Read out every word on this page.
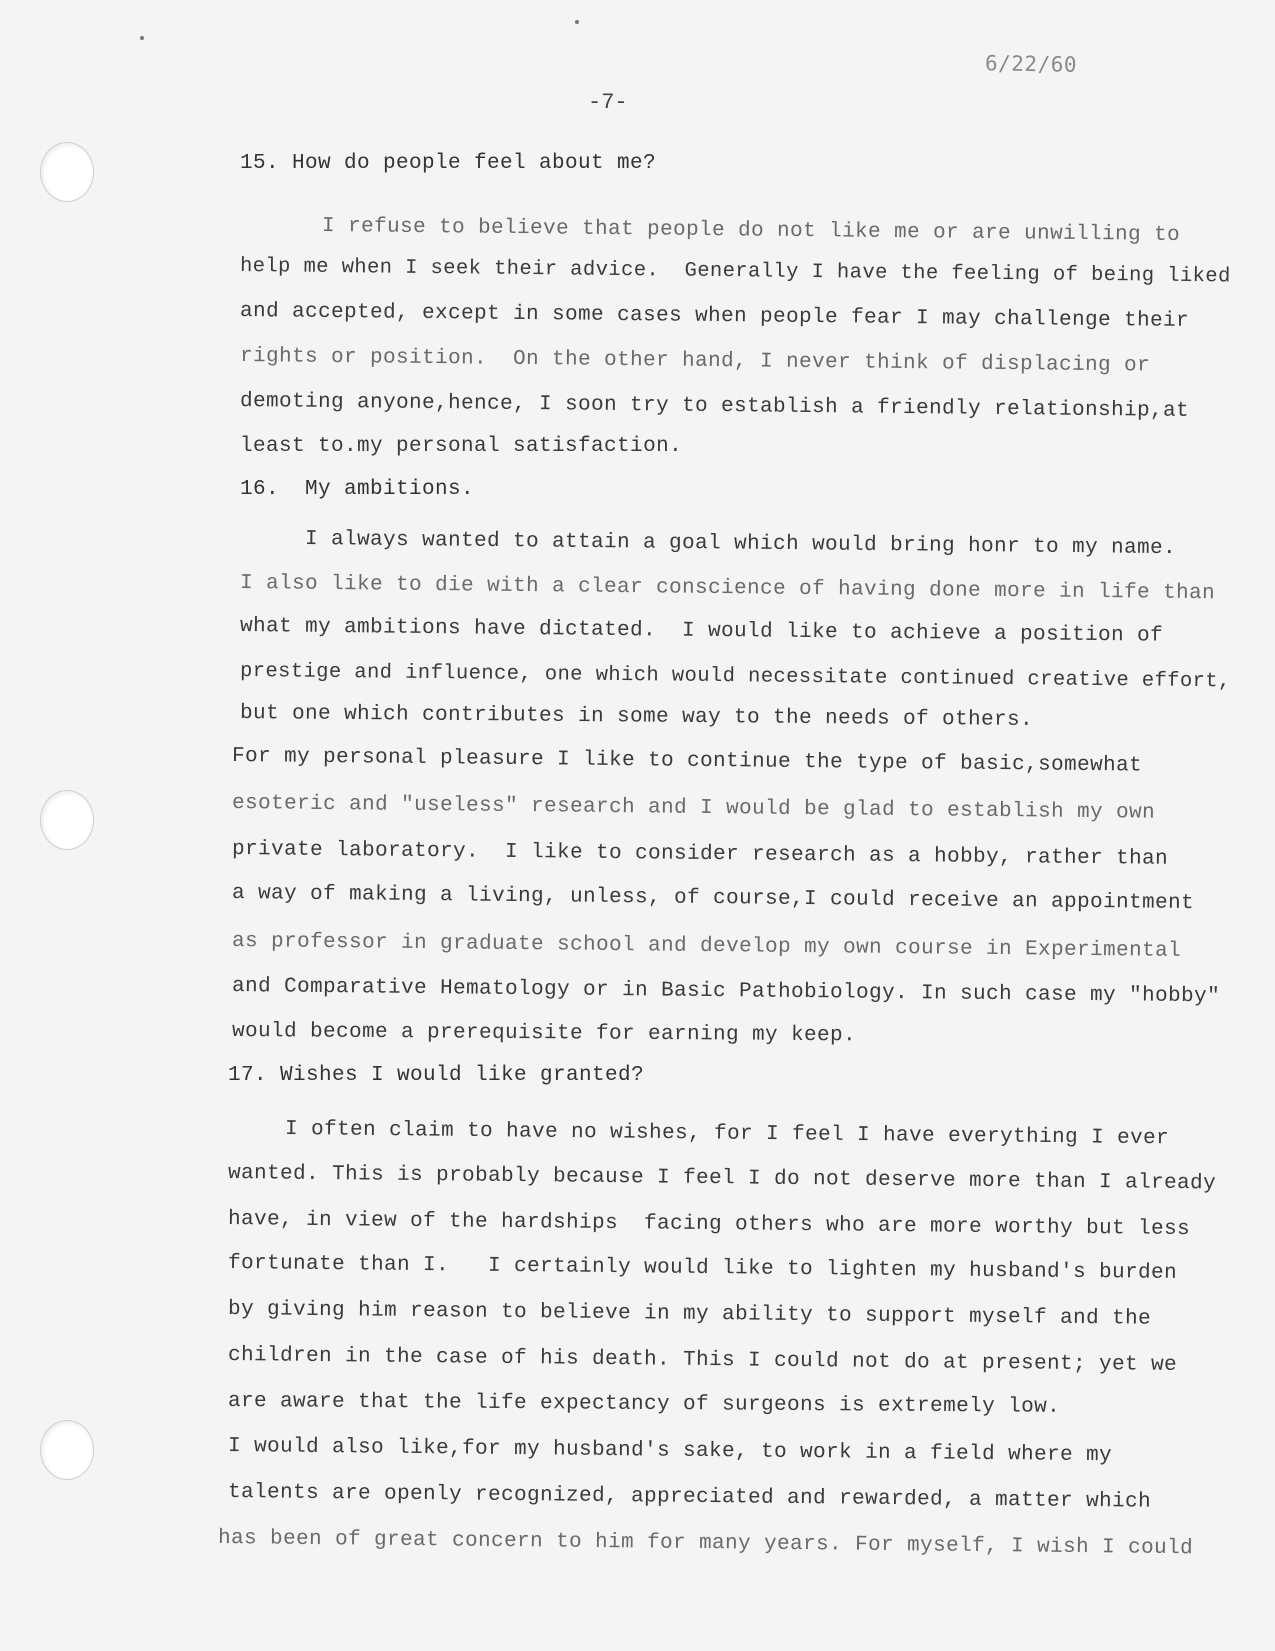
6/22/60
-7-
15. How do people feel about me?
I refuse to believe that people do not like me or are unwilling to
help me when I seek their advice.  Generally I have the feeling of being liked
and accepted, except in some cases when people fear I may challenge their
rights or position.  On the other hand, I never think of displacing or
demoting anyone,hence, I soon try to establish a friendly relationship,at
least to.my personal satisfaction.
16.  My ambitions.
I always wanted to attain a goal which would bring honr to my name.
I also like to die with a clear conscience of having done more in life than
what my ambitions have dictated.  I would like to achieve a position of
prestige and influence, one which would necessitate continued creative effort,
but one which contributes in some way to the needs of others.
For my personal pleasure I like to continue the type of basic,somewhat
esoteric and "useless" research and I would be glad to establish my own
private laboratory.  I like to consider research as a hobby, rather than
a way of making a living, unless, of course,I could receive an appointment
as professor in graduate school and develop my own course in Experimental
and Comparative Hematology or in Basic Pathobiology. In such case my "hobby"
would become a prerequisite for earning my keep.
17. Wishes I would like granted?
I often claim to have no wishes, for I feel I have everything I ever
wanted. This is probably because I feel I do not deserve more than I already
have, in view of the hardships  facing others who are more worthy but less
fortunate than I.   I certainly would like to lighten my husband's burden
by giving him reason to believe in my ability to support myself and the
children in the case of his death. This I could not do at present; yet we
are aware that the life expectancy of surgeons is extremely low.
I would also like,for my husband's sake, to work in a field where my
talents are openly recognized, appreciated and rewarded, a matter which
has been of great concern to him for many years. For myself, I wish I could
